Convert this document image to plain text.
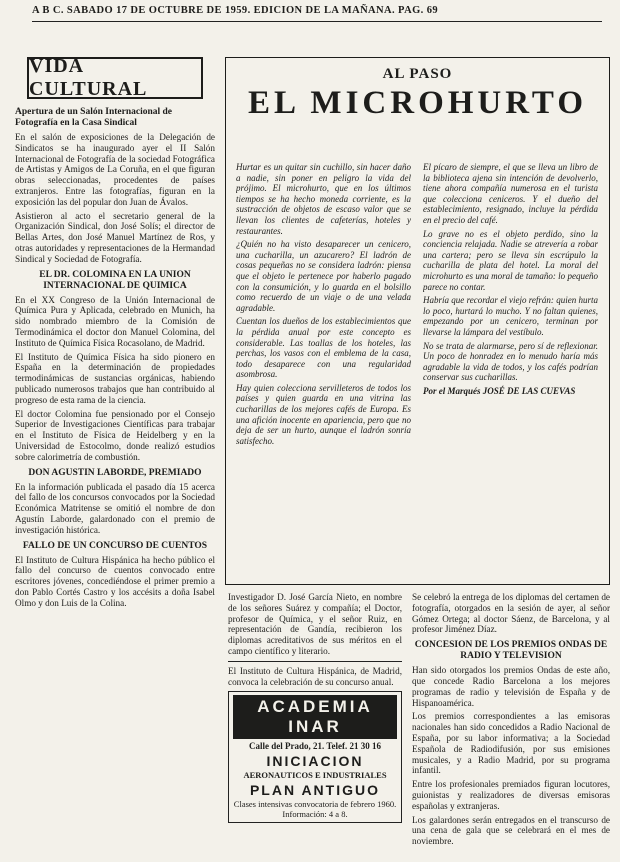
A B C. SABADO 17 DE OCTUBRE DE 1959. EDICION DE LA MAÑANA. PAG. 69
VIDA CULTURAL
Apertura de un Salón Internacional de Fotografía en la Casa Sindical

En el salón de exposiciones de la Delegación de Sindicatos se ha inaugurado ayer el II Salón Internacional de Fotografía de la sociedad Fotográfica de Artistas y Amigos de La Coruña, en el que figuran obras seleccionadas, procedentes de países extranjeros. Entre las fotografías, figuran en la exposición las del popular don Juan de Ávalos.

Asistieron al acto el secretario general de la Organización Sindical, don José Solís; el director de Bellas Artes, don José Manuel Martínez de Ros, y otras autoridades y representaciones de la Hermandad Sindical y Sociedad de Fotografía.

EL DR. COLOMINA EN LA UNION INTERNACIONAL DE QUIMICA

En el XX Congreso de la Unión Internacional de Química Pura y Aplicada, celebrado en Munich, ha sido nombrado miembro de la Comisión de Termodinámica el doctor don Manuel Colomina, del Instituto de Química Física Rocasolano, de Madrid.

El Instituto de Química Física ha sido pionero en España en la determinación de propiedades termodinámicas de sustancias orgánicas, habiendo publicado numerosos trabajos que han contribuido al progreso de esta rama de la ciencia.

El doctor Colomina fue pensionado por el Consejo Superior de Investigaciones Científicas para trabajar en el Instituto de Física de Heidelberg y en la Universidad de Estocolmo, donde realizó estudios sobre calorimetría de combustión.

DON AGUSTIN LABORDE, PREMIADO

En la información publicada el pasado día 15 acerca del fallo de los concursos convocados por la Sociedad Económica Matritense se omitió el nombre de don Agustín Laborde, galardonado con el premio de investigación histórica.

FALLO DE UN CONCURSO DE CUENTOS

El Instituto de Cultura Hispánica ha hecho público el fallo del concurso de cuentos convocado entre escritores jóvenes, concediéndose el primer premio a don Pablo Cortés Castro y los accésits a doña Isabel Olmo y don Luis de la Colina.

AL PASO
EL MICROHURTO

Hurtar es un quitar sin cuchillo, sin hacer daño a nadie, sin poner en peligro la vida del prójimo. El microhurto, que en los últimos tiempos se ha hecho moneda corriente, es la sustracción de objetos de escaso valor que se llevan los clientes de cafeterías, hoteles y restaurantes.

¿Quién no ha visto desaparecer un cenicero, una cucharilla, un azucarero? El ladrón de cosas pequeñas no se considera ladrón: piensa que el objeto le pertenece por haberlo pagado con la consumición, y lo guarda en el bolsillo como recuerdo de un viaje o de una velada agradable.

Cuentan los dueños de los establecimientos que la pérdida anual por este concepto es considerable. Las toallas de los hoteles, las perchas, los vasos con el emblema de la casa, todo desaparece con una regularidad asombrosa.

Hay quien colecciona servilleteros de todos los países y quien guarda en una vitrina las cucharillas de los mejores cafés de Europa. Es una afición inocente en apariencia, pero que no deja de ser un hurto, aunque el ladrón sonría satisfecho.

El pícaro de siempre, el que se lleva un libro de la biblioteca ajena sin intención de devolverlo, tiene ahora compañía numerosa en el turista que colecciona ceniceros. Y el dueño del establecimiento, resignado, incluye la pérdida en el precio del café.

Lo grave no es el objeto perdido, sino la conciencia relajada. Nadie se atrevería a robar una cartera; pero se lleva sin escrúpulo la cucharilla de plata del hotel. La moral del microhurto es una moral de tamaño: lo pequeño parece no contar.

Habría que recordar el viejo refrán: quien hurta lo poco, hurtará lo mucho. Y no faltan quienes, empezando por un cenicero, terminan por llevarse la lámpara del vestíbulo.

No se trata de alarmarse, pero sí de reflexionar. Un poco de honradez en lo menudo haría más agradable la vida de todos, y los cafés podrían conservar sus cucharillas.

Por el Marqués JOSÉ DE LAS CUEVAS

Investigador D. José García Nieto, en nombre de los señores Suárez y compañía; el Doctor, profesor de Química, y el señor Ruiz, en representación de Gandía, recibieron los diplomas acreditativos de sus méritos en el campo científico y literario.

El Instituto de Cultura Hispánica, de Madrid, convoca la celebración de su concurso anual.

ACADEMIA INAR
Calle del Prado, 21. Telef. 21 30 16
INICIACION
AERONAUTICOS E INDUSTRIALES
PLAN ANTIGUO
Clases intensivas convocatoria de febrero 1960. Información: 4 a 8.

Se celebró la entrega de los diplomas del certamen de fotografía, otorgados en la sesión de ayer, al señor Gómez Ortega; al doctor Sáenz, de Barcelona, y al profesor Jiménez Díaz.

CONCESION DE LOS PREMIOS ONDAS DE RADIO Y TELEVISION

Han sido otorgados los premios Ondas de este año, que concede Radio Barcelona a los mejores programas de radio y televisión de España y de Hispanoamérica.

Los premios correspondientes a las emisoras nacionales han sido concedidos a Radio Nacional de España, por su labor informativa; a la Sociedad Española de Radiodifusión, por sus emisiones musicales, y a Radio Madrid, por su programa infantil.

Entre los profesionales premiados figuran locutores, guionistas y realizadores de diversas emisoras españolas y extranjeras.

Los galardones serán entregados en el transcurso de una cena de gala que se celebrará en el mes de noviembre.
